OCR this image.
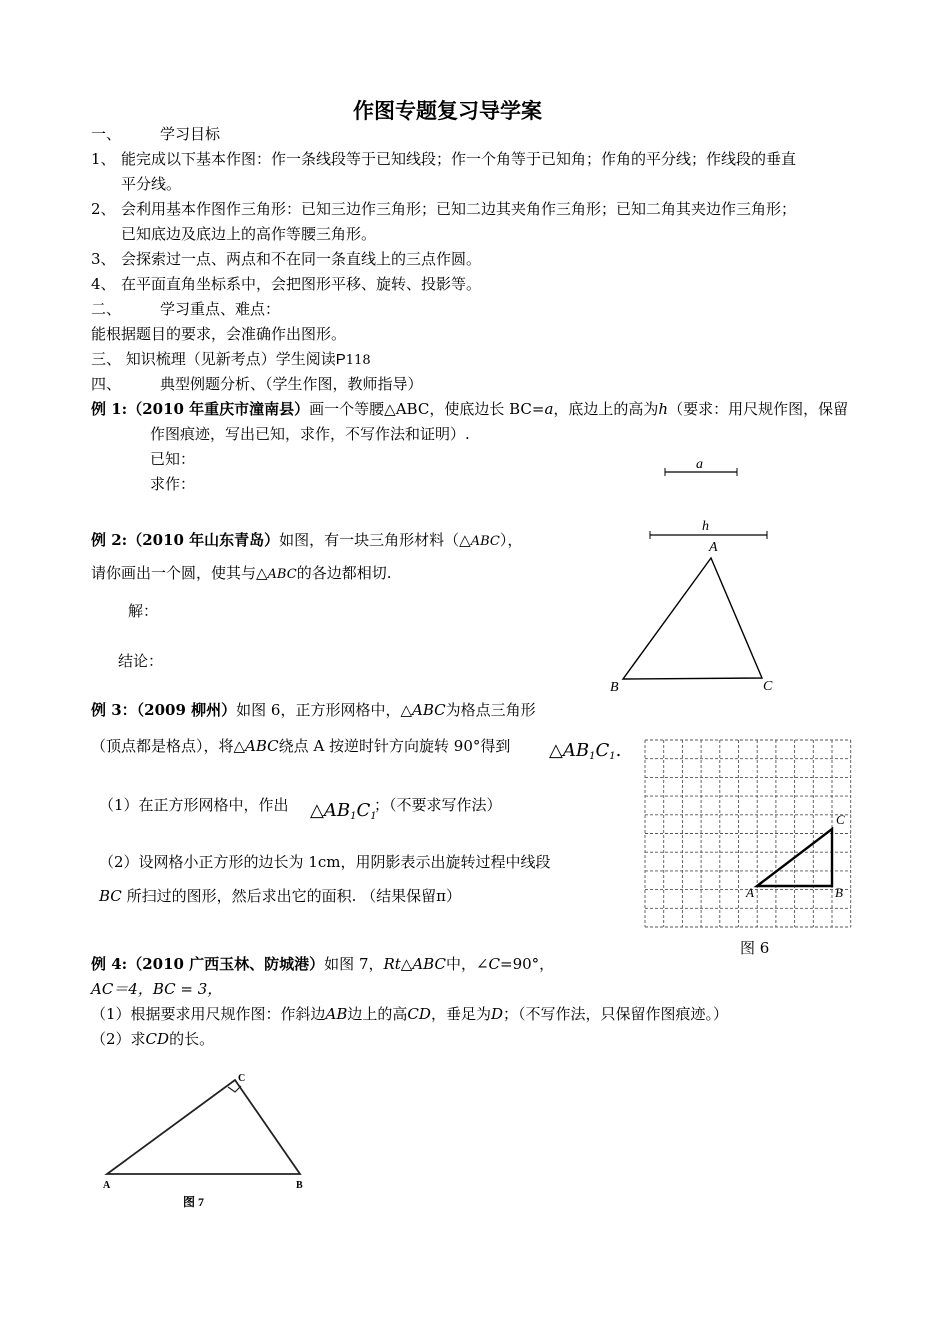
作图专题复习导学案
一、	学习目标
1、 能完成以下基本作图：作一条线段等于已知线段；作一个角等于已知角；作角的平分线；作线段的垂直
平分线。
2、 会利用基本作图作三角形：已知三边作三角形；已知二边其夹角作三角形；已知二角其夹边作三角形；
已知底边及底边上的高作等腰三角形。
3、 会探索过一点、两点和不在同一条直线上的三点作圆。
4、 在平面直角坐标系中，会把图形平移、旋转、投影等。
二、	学习重点、难点：
能根据题目的要求，会准确作出图形。
三、 知识梳理（见新考点）学生阅读P118
四、	典型例题分析、（学生作图，教师指导）
例 1:（2010 年重庆市潼南县）画一个等腰△ABC，使底边长 BC=a，底边上的高为h（要求：用尺规作图，保留
作图痕迹，写出已知，求作，不写作法和证明）.
已知：
求作：
a
h
例 2:（2010 年山东青岛）如图，有一块三角形材料（△ABC），
请你画出一个圆，使其与△ABC的各边都相切.
解：
结论：
A
B	C
例 3：（2009 柳州）如图 6，正方形网格中，△ABC为格点三角形
（顶点都是格点），将△ABC绕点 A 按逆时针方向旋转 90°得到 $\triangle AB_1C_1$.
（1）在正方形网格中，作出 $\triangle AB_1C_1$
；（不要求写作法）
（2）设网格小正方形的边长为 1cm，用阴影表示出旋转过程中线段
BC 所扫过的图形，然后求出它的面积. （结果保留π）	A	B
C
图 6
例 4:（2010 广西玉林、防城港）如图 7，Rt△ABC中，∠C=90°，
AC＝4，BC = 3，
（1）根据要求用尺规作图：作斜边AB边上的高CD，垂足为D；（不写作法，只保留作图痕迹。）
（2）求CD的长。
A	B
C
图 7
